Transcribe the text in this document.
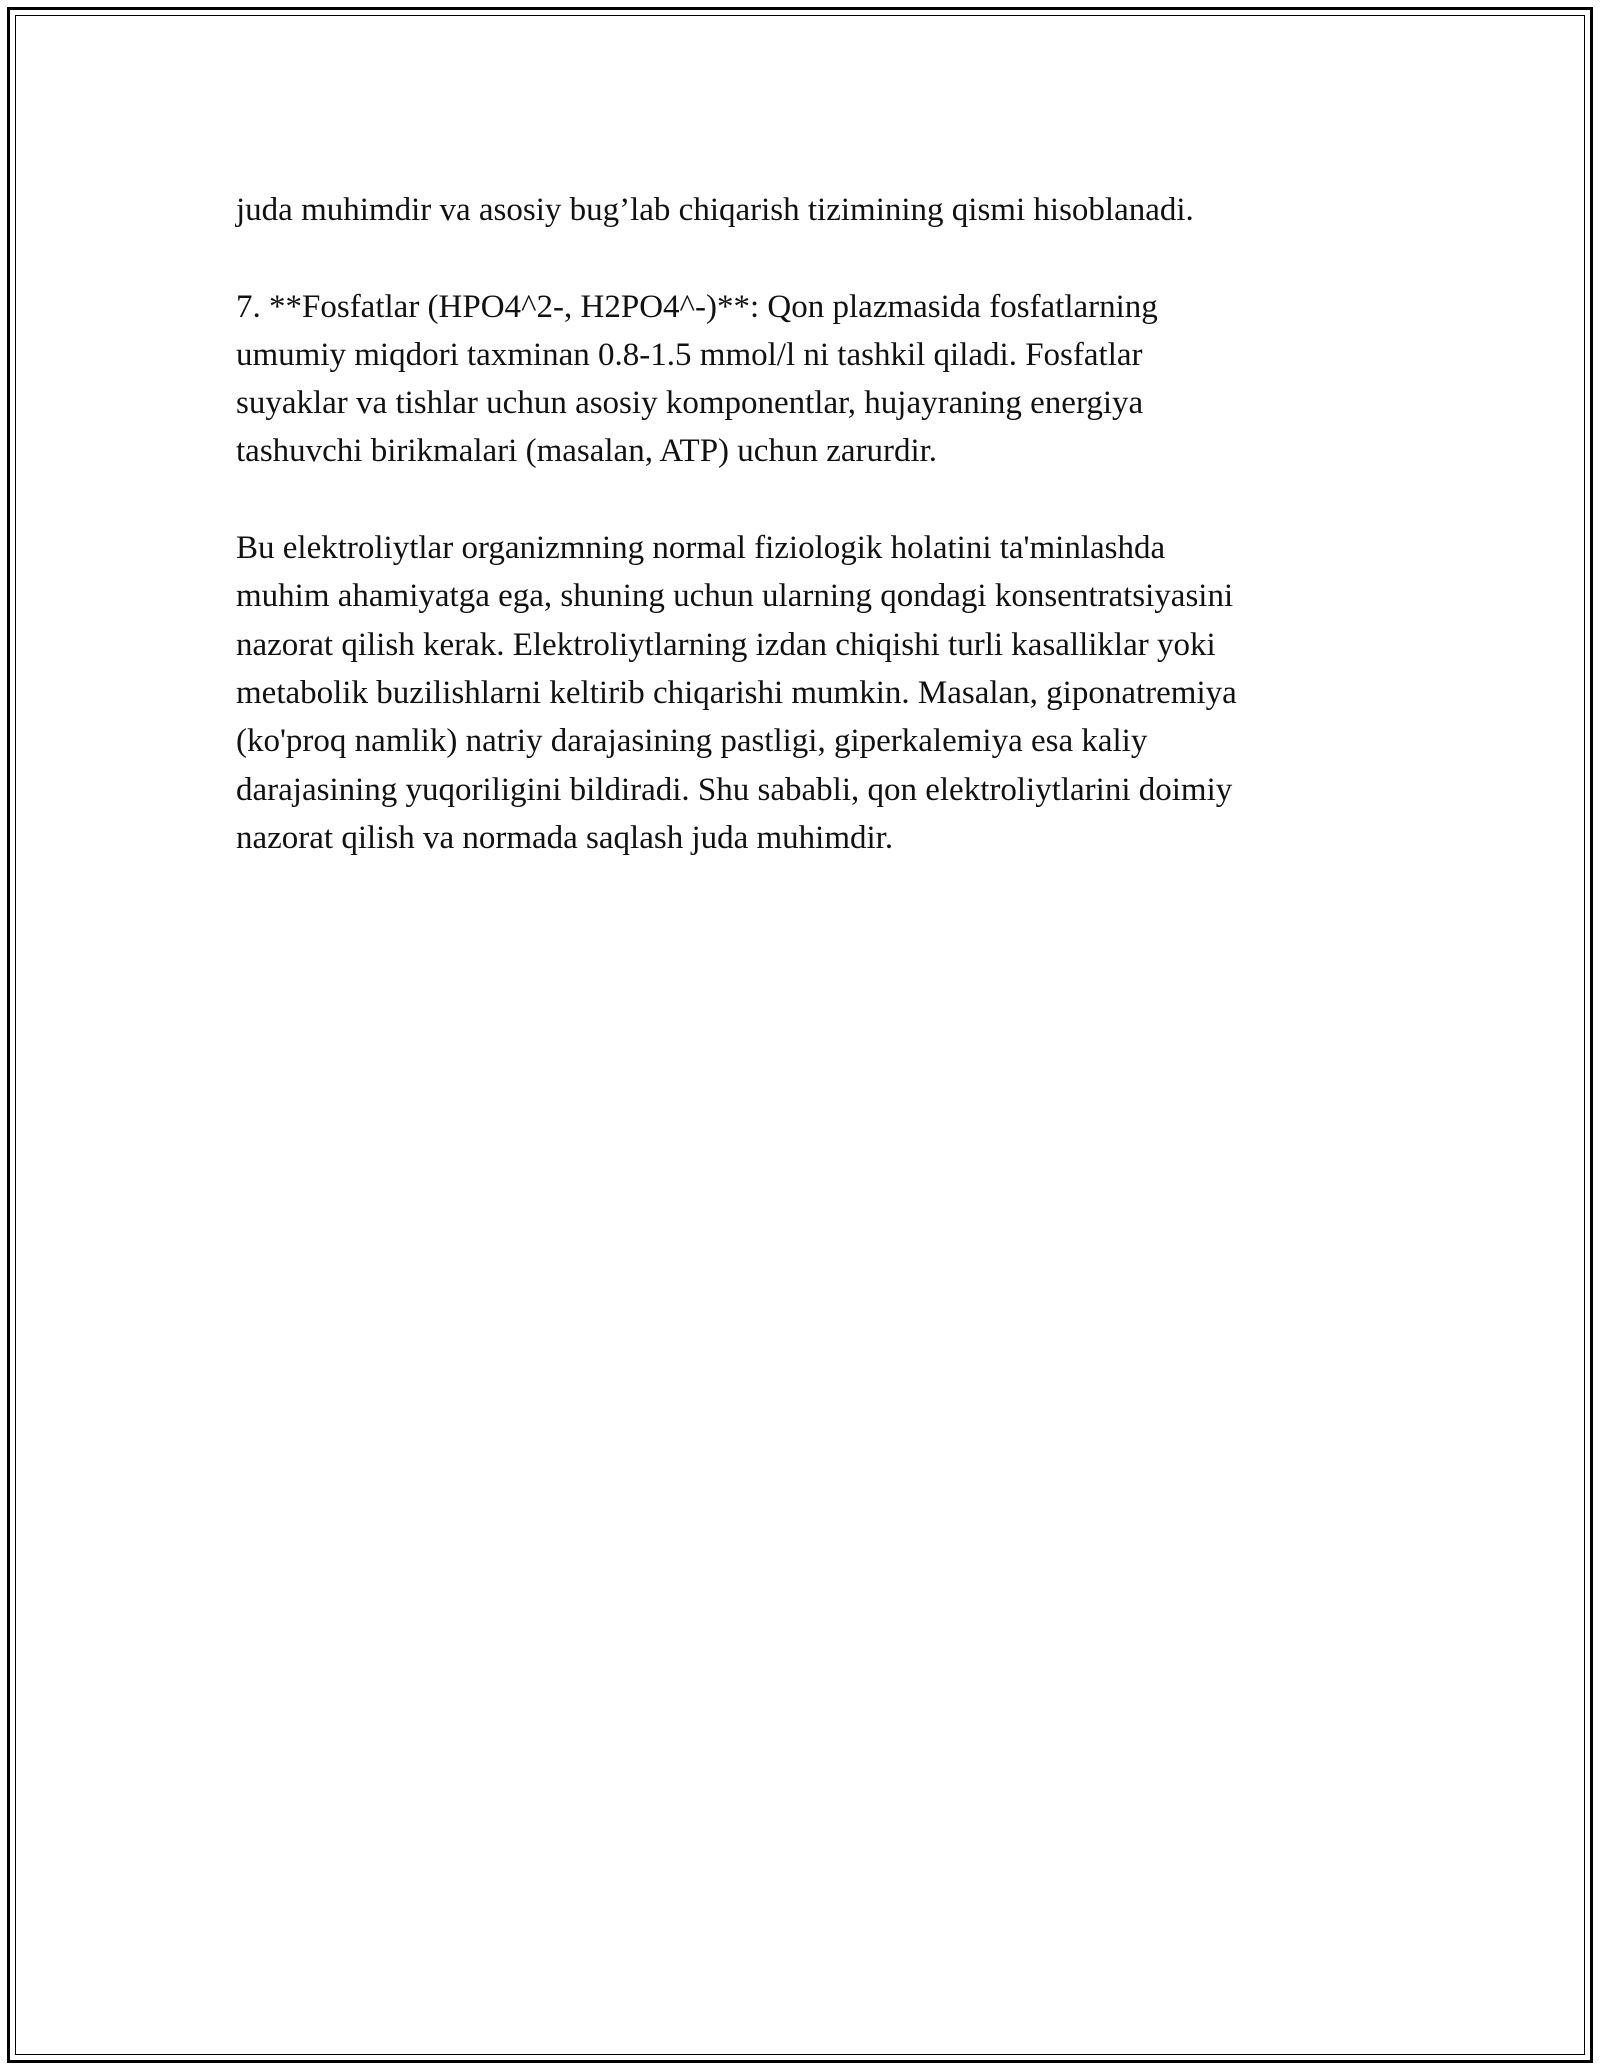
juda muhimdir va asosiy bug’lab chiqarish tizimining qismi hisoblanadi.
7. **Fosfatlar (HPO4^2-, H2PO4^-)**: Qon plazmasida fosfatlarning
umumiy miqdori taxminan 0.8-1.5 mmol/l ni tashkil qiladi. Fosfatlar
suyaklar va tishlar uchun asosiy komponentlar, hujayraning energiya
tashuvchi birikmalari (masalan, ATP) uchun zarurdir.
Bu elektroliytlar organizmning normal fiziologik holatini ta'minlashda
muhim ahamiyatga ega, shuning uchun ularning qondagi konsentratsiyasini
nazorat qilish kerak. Elektroliytlarning izdan chiqishi turli kasalliklar yoki
metabolik buzilishlarni keltirib chiqarishi mumkin. Masalan, giponatremiya
(ko'proq namlik) natriy darajasining pastligi, giperkalemiya esa kaliy
darajasining yuqoriligini bildiradi. Shu sababli, qon elektroliytlarini doimiy
nazorat qilish va normada saqlash juda muhimdir.
